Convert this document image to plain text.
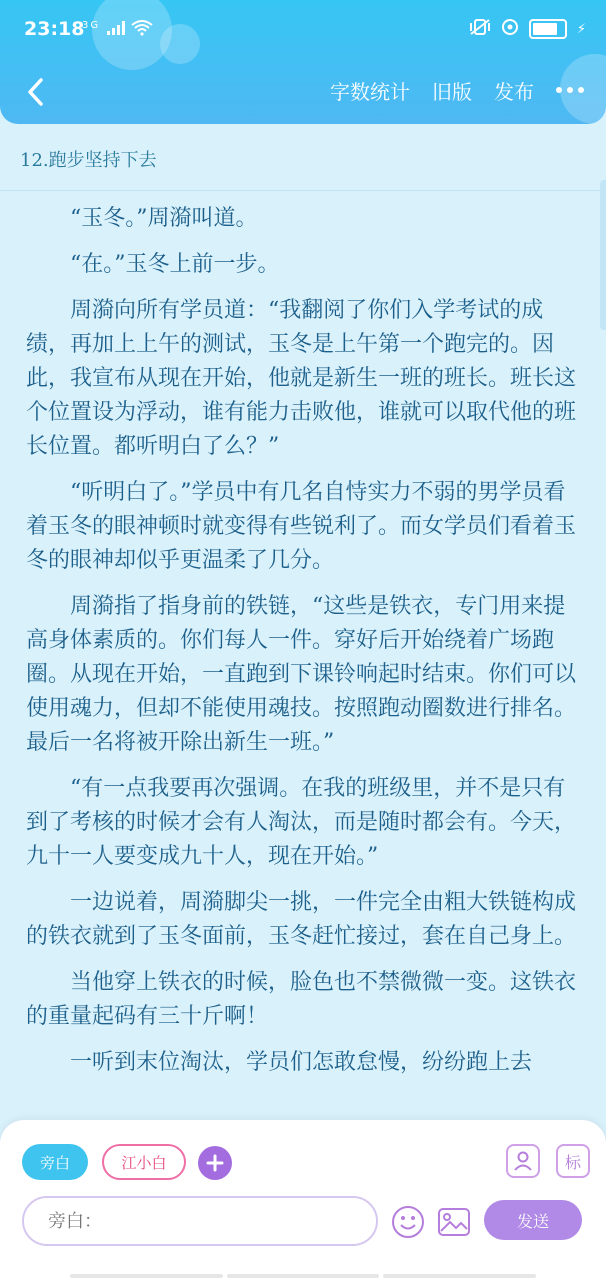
23:18
$^{3G}$	⚡
字数统计 旧版 发布
12.跑步坚持下去

“玉冬。”周漪叫道。

“在。”玉冬上前一步。

周漪向所有学员道：“我翻阅了你们入学考试的成绩，再加上上午的测试，玉冬是上午第一个跑完的。因此，我宣布从现在开始，他就是新生一班的班长。班长这个位置设为浮动，谁有能力击败他，谁就可以取代他的班长位置。都听明白了么？”

“听明白了。”学员中有几名自恃实力不弱的男学员看着玉冬的眼神顿时就变得有些锐利了。而女学员们看着玉冬的眼神却似乎更温柔了几分。

周漪指了指身前的铁链，“这些是铁衣，专门用来提高身体素质的。你们每人一件。穿好后开始绕着广场跑圈。从现在开始，一直跑到下课铃响起时结束。你们可以使用魂力，但却不能使用魂技。按照跑动圈数进行排名。最后一名将被开除出新生一班。”

“有一点我要再次强调。在我的班级里，并不是只有到了考核的时候才会有人淘汰，而是随时都会有。今天，九十一人要变成九十人，现在开始。”

一边说着，周漪脚尖一挑，一件完全由粗大铁链构成的铁衣就到了玉冬面前，玉冬赶忙接过，套在自己身上。

当他穿上铁衣的时候，脸色也不禁微微一变。这铁衣的重量起码有三十斤啊！

一听到末位淘汰，学员们怎敢怠慢，纷纷跑上去

旁白	江小白	标
旁白：
发送
